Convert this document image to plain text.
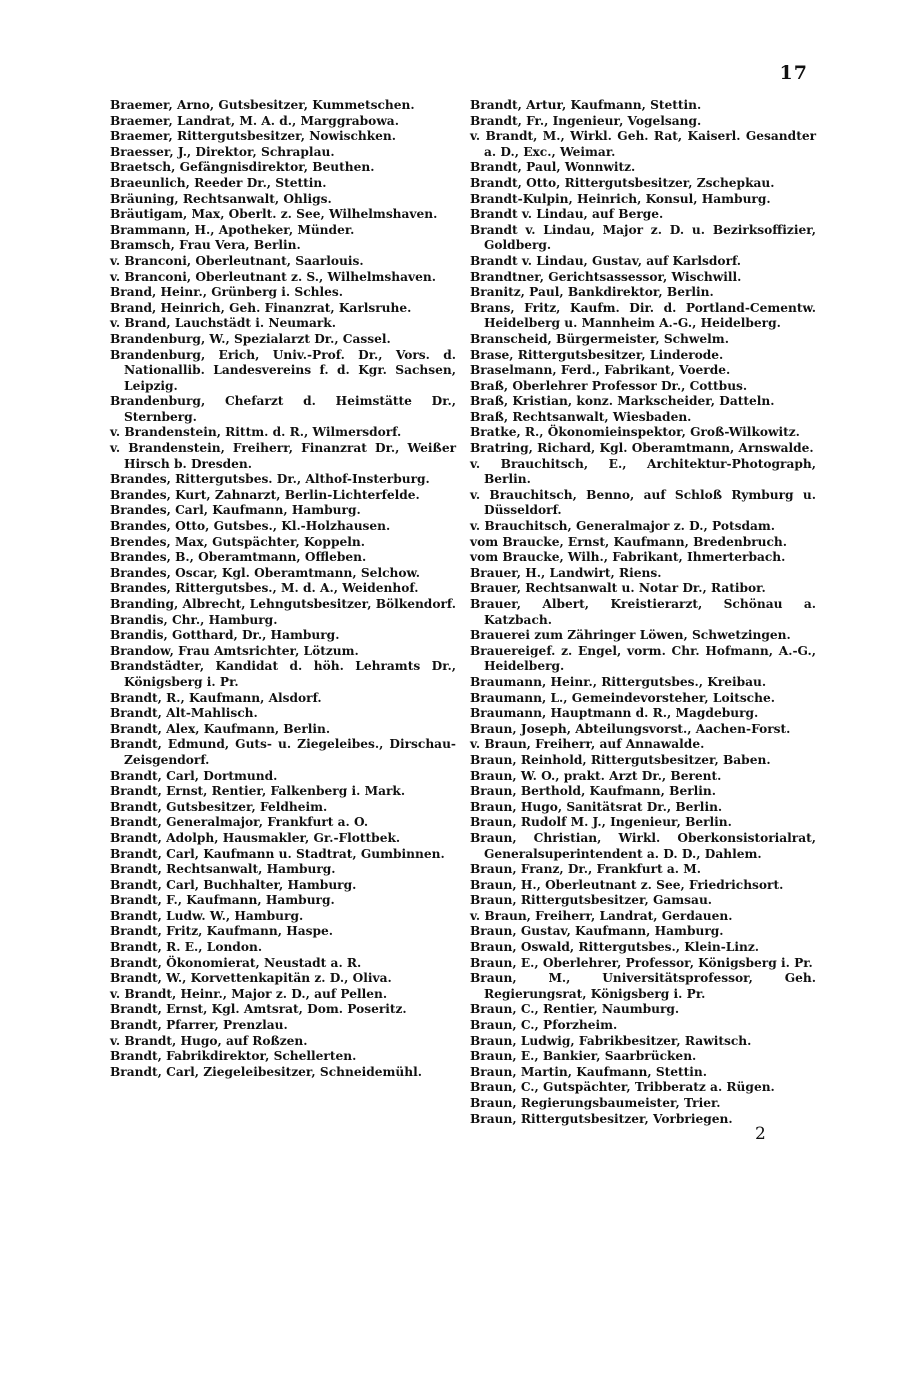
17
Braemer, Arno, Gutsbesitzer, Kummetschen.
Braemer, Landrat, M. A. d., Marggrabowa.
Braemer, Rittergutsbesitzer, Nowischken.
Braesser, J., Direktor, Schraplau.
Braetsch, Gefängnisdirektor, Beuthen.
Braeunlich, Reeder Dr., Stettin.
Bräuning, Rechtsanwalt, Ohligs.
Bräutigam, Max, Oberlt. z. See, Wilhelmshaven.
Brammann, H., Apotheker, Münder.
Bramsch, Frau Vera, Berlin.
v. Branconi, Oberleutnant, Saarlouis.
v. Branconi, Oberleutnant z. S., Wilhelmshaven.
Brand, Heinr., Grünberg i. Schles.
Brand, Heinrich, Geh. Finanzrat, Karlsruhe.
v. Brand, Lauchstädt i. Neumark.
Brandenburg, W., Spezialarzt Dr., Cassel.
Brandenburg, Erich, Univ.-Prof. Dr., Vors. d. Nationallib. Landesvereins f. d. Kgr. Sachsen, Leipzig.
Brandenburg, Chefarzt d. Heimstätte Dr., Sternberg.
v. Brandenstein, Rittm. d. R., Wilmersdorf.
v. Brandenstein, Freiherr, Finanzrat Dr., Weißer Hirsch b. Dresden.
Brandes, Rittergutsbes. Dr., Althof-Insterburg.
Brandes, Kurt, Zahnarzt, Berlin-Lichterfelde.
Brandes, Carl, Kaufmann, Hamburg.
Brandes, Otto, Gutsbes., Kl.-Holzhausen.
Brendes, Max, Gutspächter, Koppeln.
Brandes, B., Oberamtmann, Offleben.
Brandes, Oscar, Kgl. Oberamtmann, Selchow.
Brandes, Rittergutsbes., M. d. A., Weidenhof.
Branding, Albrecht, Lehngutsbesitzer, Bölkendorf.
Brandis, Chr., Hamburg.
Brandis, Gotthard, Dr., Hamburg.
Brandow, Frau Amtsrichter, Lötzum.
Brandstädter, Kandidat d. höh. Lehramts Dr., Königsberg i. Pr.
Brandt, R., Kaufmann, Alsdorf.
Brandt, Alt-Mahlisch.
Brandt, Alex, Kaufmann, Berlin.
Brandt, Edmund, Guts- u. Ziegeleibes., Dirschau-Zeisgendorf.
Brandt, Carl, Dortmund.
Brandt, Ernst, Rentier, Falkenberg i. Mark.
Brandt, Gutsbesitzer, Feldheim.
Brandt, Generalmajor, Frankfurt a. O.
Brandt, Adolph, Hausmakler, Gr.-Flottbek.
Brandt, Carl, Kaufmann u. Stadtrat, Gumbinnen.
Brandt, Rechtsanwalt, Hamburg.
Brandt, Carl, Buchhalter, Hamburg.
Brandt, F., Kaufmann, Hamburg.
Brandt, Ludw. W., Hamburg.
Brandt, Fritz, Kaufmann, Haspe.
Brandt, R. E., London.
Brandt, Ökonomierat, Neustadt a. R.
Brandt, W., Korvettenkapitän z. D., Oliva.
v. Brandt, Heinr., Major z. D., auf Pellen.
Brandt, Ernst, Kgl. Amtsrat, Dom. Poseritz.
Brandt, Pfarrer, Prenzlau.
v. Brandt, Hugo, auf Roßzen.
Brandt, Fabrikdirektor, Schellerten.
Brandt, Carl, Ziegeleibesitzer, Schneidemühl.
Brandt, Artur, Kaufmann, Stettin.
Brandt, Fr., Ingenieur, Vogelsang.
v. Brandt, M., Wirkl. Geh. Rat, Kaiserl. Gesandter a. D., Exc., Weimar.
Brandt, Paul, Wonnwitz.
Brandt, Otto, Rittergutsbesitzer, Zschepkau.
Brandt-Kulpin, Heinrich, Konsul, Hamburg.
Brandt v. Lindau, auf Berge.
Brandt v. Lindau, Major z. D. u. Bezirksoffizier, Goldberg.
Brandt v. Lindau, Gustav, auf Karlsdorf.
Brandtner, Gerichtsassessor, Wischwill.
Branitz, Paul, Bankdirektor, Berlin.
Brans, Fritz, Kaufm. Dir. d. Portland-Cementw. Heidelberg u. Mannheim A.-G., Heidelberg.
Branscheid, Bürgermeister, Schwelm.
Brase, Rittergutsbesitzer, Linderode.
Braselmann, Ferd., Fabrikant, Voerde.
Braß, Oberlehrer Professor Dr., Cottbus.
Braß, Kristian, konz. Markscheider, Datteln.
Braß, Rechtsanwalt, Wiesbaden.
Bratke, R., Ökonomieinspektor, Groß-Wilkowitz.
Bratring, Richard, Kgl. Oberamtmann, Arnswalde.
v. Brauchitsch, E., Architektur-Photograph, Berlin.
v. Brauchitsch, Benno, auf Schloß Rymburg u. Düsseldorf.
v. Brauchitsch, Generalmajor z. D., Potsdam.
vom Braucke, Ernst, Kaufmann, Bredenbruch.
vom Braucke, Wilh., Fabrikant, Ihmerterbach.
Brauer, H., Landwirt, Riens.
Brauer, Rechtsanwalt u. Notar Dr., Ratibor.
Brauer, Albert, Kreistierarzt, Schönau a. Katzbach.
Brauerei zum Zähringer Löwen, Schwetzingen.
Brauereigef. z. Engel, vorm. Chr. Hofmann, A.-G., Heidelberg.
Braumann, Heinr., Rittergutsbes., Kreibau.
Braumann, L., Gemeindevorsteher, Loitsche.
Braumann, Hauptmann d. R., Magdeburg.
Braun, Joseph, Abteilungsvorst., Aachen-Forst.
v. Braun, Freiherr, auf Annawalde.
Braun, Reinhold, Rittergutsbesitzer, Baben.
Braun, W. O., prakt. Arzt Dr., Berent.
Braun, Berthold, Kaufmann, Berlin.
Braun, Hugo, Sanitätsrat Dr., Berlin.
Braun, Rudolf M. J., Ingenieur, Berlin.
Braun, Christian, Wirkl. Oberkonsistorialrat, Generalsuperintendent a. D. D., Dahlem.
Braun, Franz, Dr., Frankfurt a. M.
Braun, H., Oberleutnant z. See, Friedrichsort.
Braun, Rittergutsbesitzer, Gamsau.
v. Braun, Freiherr, Landrat, Gerdauen.
Braun, Gustav, Kaufmann, Hamburg.
Braun, Oswald, Rittergutsbes., Klein-Linz.
Braun, E., Oberlehrer, Professor, Königsberg i. Pr.
Braun, M., Universitätsprofessor, Geh. Regierungsrat, Königsberg i. Pr.
Braun, C., Rentier, Naumburg.
Braun, C., Pforzheim.
Braun, Ludwig, Fabrikbesitzer, Rawitsch.
Braun, E., Bankier, Saarbrücken.
Braun, Martin, Kaufmann, Stettin.
Braun, C., Gutspächter, Tribberatz a. Rügen.
Braun, Regierungsbaumeister, Trier.
Braun, Rittergutsbesitzer, Vorbriegen.
2
